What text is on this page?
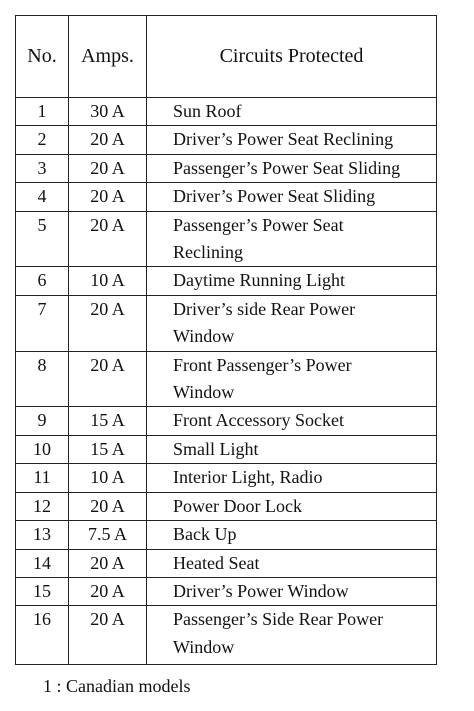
No.	Amps.	Circuits Protected
1	30 A	Sun Roof

2	20 A	Driver’s Power Seat Reclining

3	20 A	Passenger’s Power Seat Sliding

4	20 A	Driver’s Power Seat Sliding

5	20 A	Passenger’s Power Seat
Reclining

6	10 A	Daytime Running Light

7	20 A	Driver’s side Rear Power
Window

8	20 A	Front Passenger’s Power
Window

9	15 A	Front Accessory Socket

10	15 A	Small Light

11	10 A	Interior Light, Radio

12	20 A	Power Door Lock

13	7.5 A	Back Up

14	20 A	Heated Seat

15	20 A	Driver’s Power Window

16	20 A	Passenger’s Side Rear Power
Window
1 : Canadian models
